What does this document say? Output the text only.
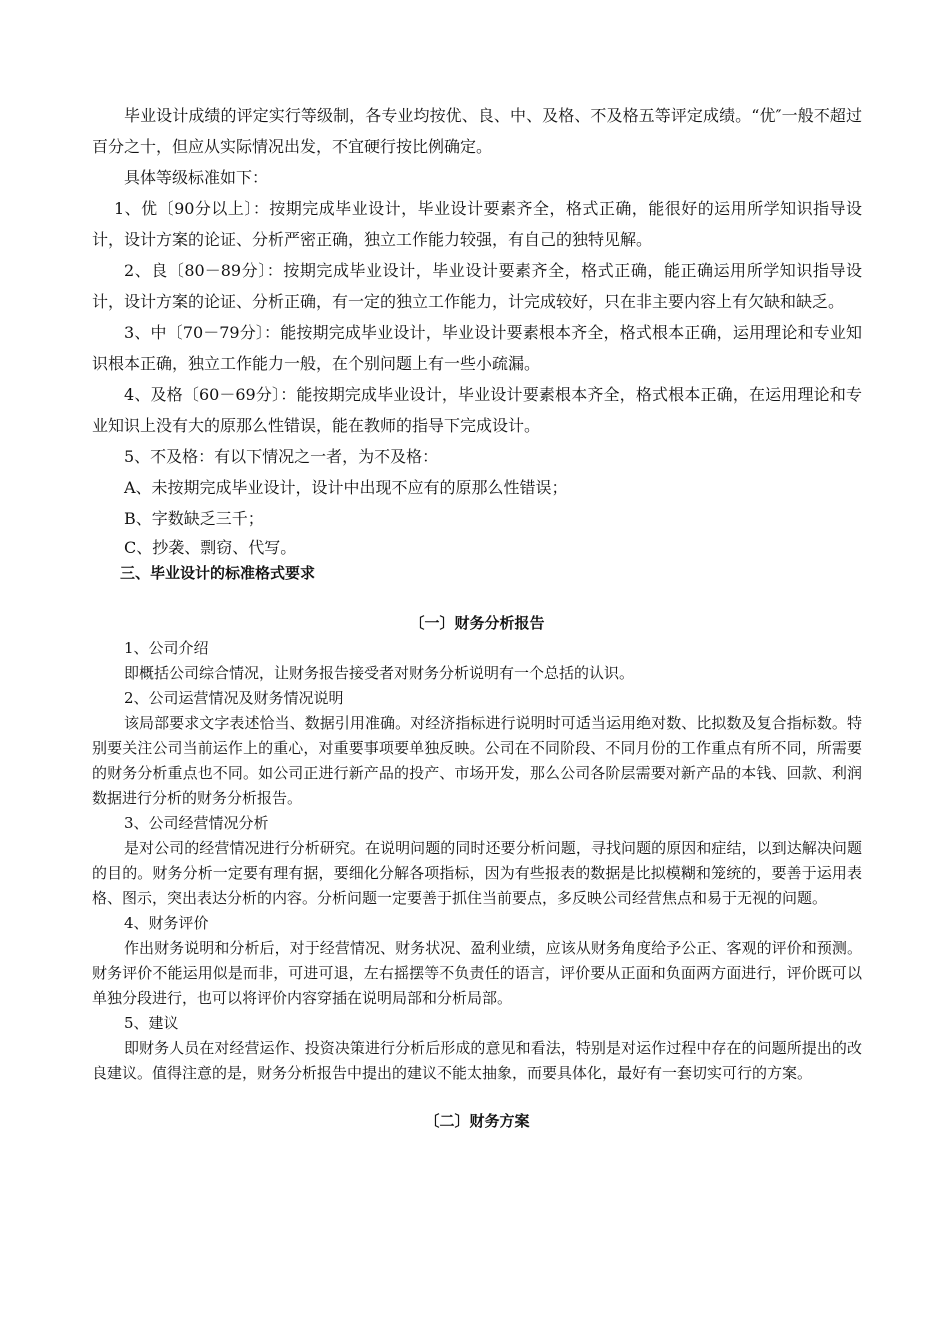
毕业设计成绩的评定实行等级制，各专业均按优、良、中、及格、不及格五等评定成绩。“优″一般不超过百分之十，但应从实际情况出发，不宜硬行按比例确定。

具体等级标准如下：

1、优〔90分以上〕：按期完成毕业设计，毕业设计要素齐全，格式正确，能很好的运用所学知识指导设计，设计方案的论证、分析严密正确，独立工作能力较强，有自己的独特见解。

2、良〔80－89分〕：按期完成毕业设计，毕业设计要素齐全，格式正确，能正确运用所学知识指导设计，设计方案的论证、分析正确，有一定的独立工作能力，计完成较好，只在非主要内容上有欠缺和缺乏。

3、中〔70－79分〕：能按期完成毕业设计，毕业设计要素根本齐全，格式根本正确，运用理论和专业知识根本正确，独立工作能力一般，在个别问题上有一些小疏漏。

4、及格〔60－69分〕：能按期完成毕业设计，毕业设计要素根本齐全，格式根本正确，在运用理论和专业知识上没有大的原那么性错误，能在教师的指导下完成设计。

5、不及格：有以下情况之一者，为不及格：

A、未按期完成毕业设计，设计中出现不应有的原那么性错误；

B、字数缺乏三千；

C、抄袭、剽窃、代写。

三、毕业设计的标准格式要求

〔一〕财务分析报告

1、公司介绍

即概括公司综合情况，让财务报告接受者对财务分析说明有一个总括的认识。

2、公司运营情况及财务情况说明

该局部要求文字表述恰当、数据引用准确。对经济指标进行说明时可适当运用绝对数、比拟数及复合指标数。特别要关注公司当前运作上的重心，对重要事项要单独反映。公司在不同阶段、不同月份的工作重点有所不同，所需要的财务分析重点也不同。如公司正进行新产品的投产、市场开发，那么公司各阶层需要对新产品的本钱、回款、利润数据进行分析的财务分析报告。

3、公司经营情况分析

是对公司的经营情况进行分析研究。在说明问题的同时还要分析问题，寻找问题的原因和症结，以到达解决问题的目的。财务分析一定要有理有据，要细化分解各项指标，因为有些报表的数据是比拟模糊和笼统的，要善于运用表格、图示，突出表达分析的内容。分析问题一定要善于抓住当前要点，多反映公司经营焦点和易于无视的问题。

4、财务评价

作出财务说明和分析后，对于经营情况、财务状况、盈利业绩，应该从财务角度给予公正、客观的评价和预测。财务评价不能运用似是而非，可进可退，左右摇摆等不负责任的语言，评价要从正面和负面两方面进行，评价既可以单独分段进行，也可以将评价内容穿插在说明局部和分析局部。

5、建议

即财务人员在对经营运作、投资决策进行分析后形成的意见和看法，特别是对运作过程中存在的问题所提出的改良建议。值得注意的是，财务分析报告中提出的建议不能太抽象，而要具体化，最好有一套切实可行的方案。

〔二〕财务方案
